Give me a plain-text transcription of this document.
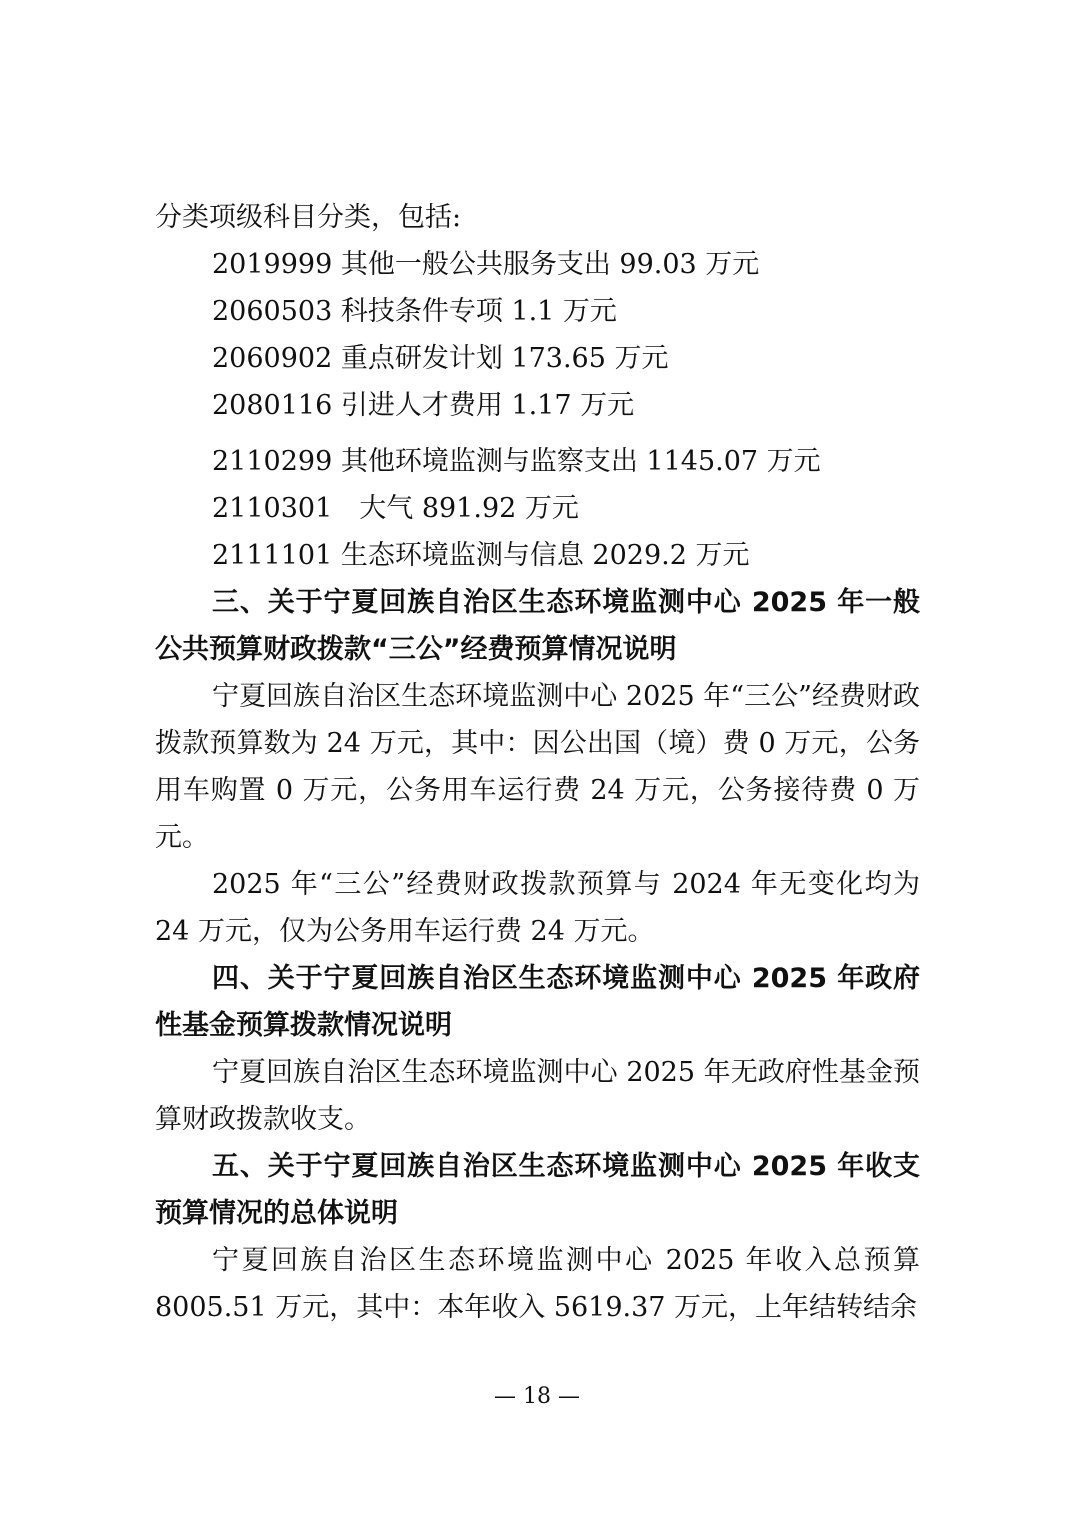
分类项级科目分类，包括:

2019999 其他一般公共服务支出 99.03 万元

2060503 科技条件专项 1.1 万元

2060902 重点研发计划 173.65 万元

2080116 引进人才费用 1.17 万元

2110299 其他环境监测与监察支出 1145.07 万元

2110301　大气 891.92 万元

2111101 生态环境监测与信息 2029.2 万元

三、关于宁夏回族自治区生态环境监测中心 2025 年一般公共预算财政拨款“三公”经费预算情况说明

宁夏回族自治区生态环境监测中心 2025 年“三公”经费财政拨款预算数为 24 万元，其中：因公出国（境）费 0 万元，公务用车购置 0 万元，公务用车运行费 24 万元，公务接待费 0 万元。

2025 年“三公”经费财政拨款预算与 2024 年无变化均为 24 万元，仅为公务用车运行费 24 万元。

四、关于宁夏回族自治区生态环境监测中心 2025 年政府性基金预算拨款情况说明

宁夏回族自治区生态环境监测中心 2025 年无政府性基金预算财政拨款收支。

五、关于宁夏回族自治区生态环境监测中心 2025 年收支预算情况的总体说明

宁夏回族自治区生态环境监测中心 2025 年收入总预算 8005.51 万元，其中：本年收入 5619.37 万元，上年结转结余

— 18 —
